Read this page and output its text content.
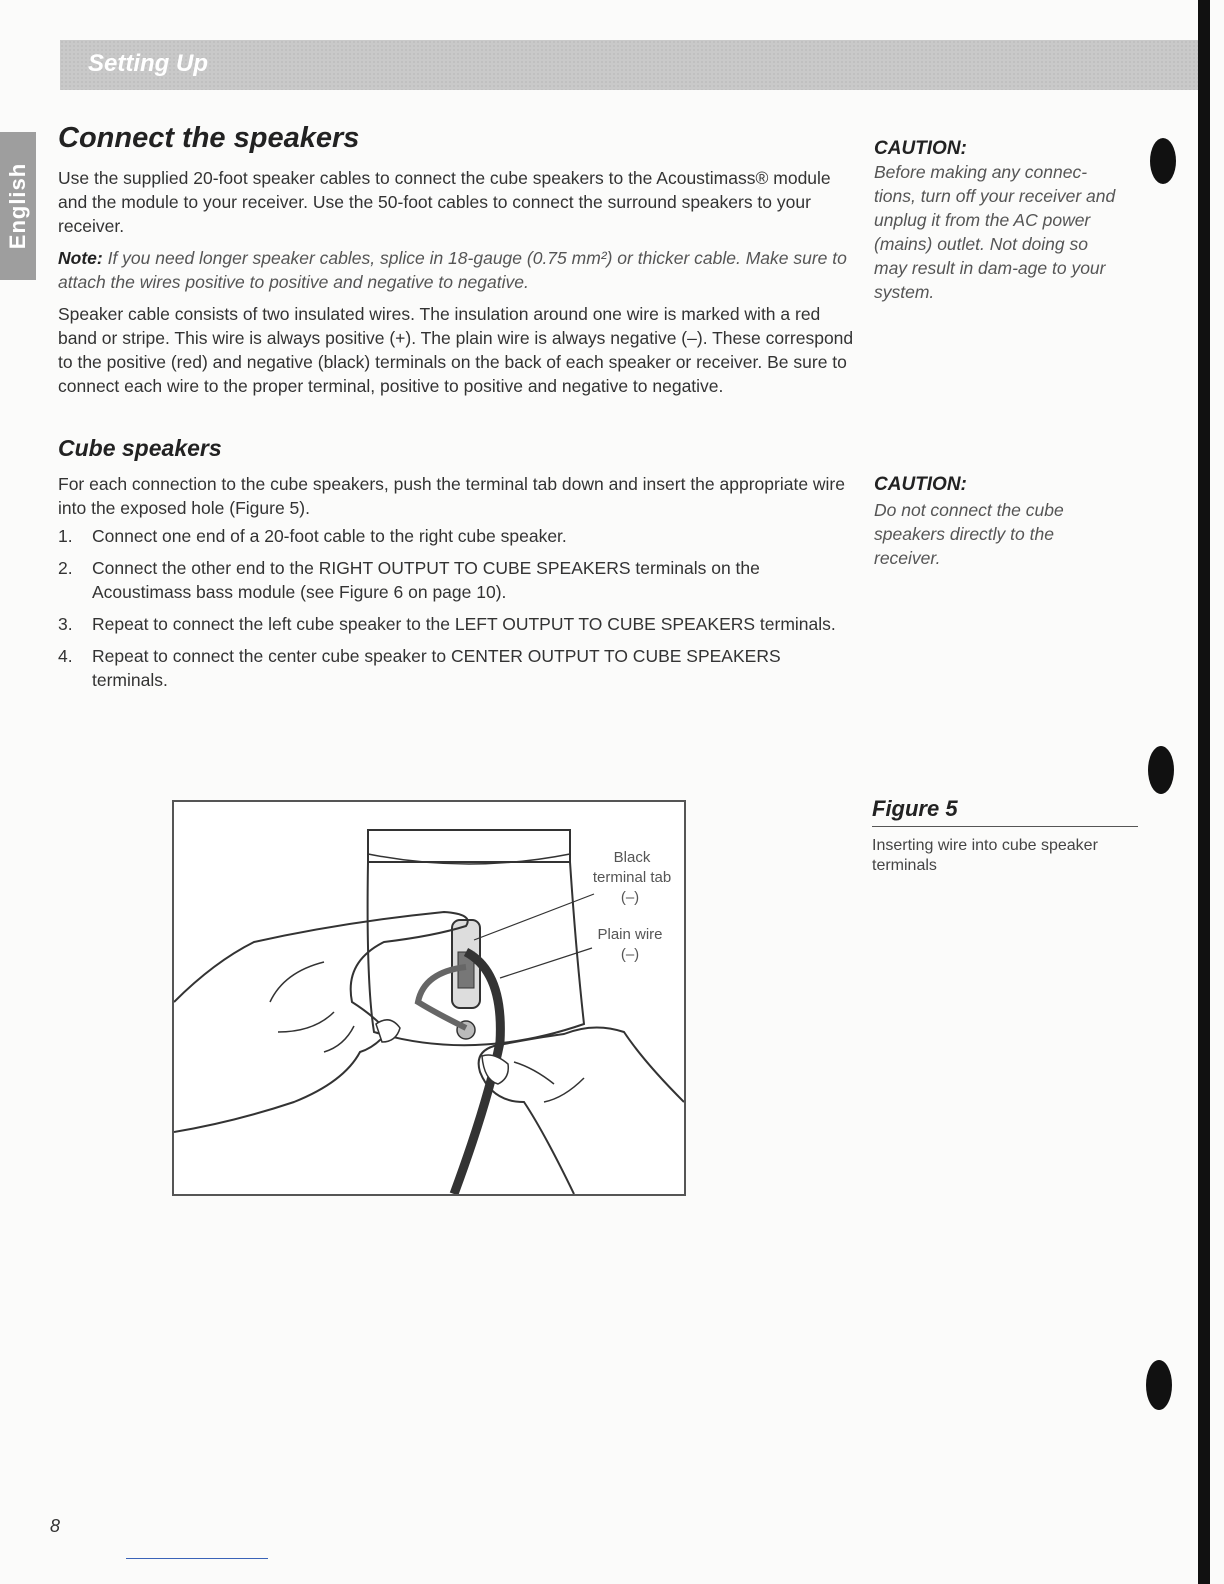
Setting Up
English
Connect the speakers
Use the supplied 20-foot speaker cables to connect the cube speakers to the Acoustimass® module and the module to your receiver. Use the 50-foot cables to connect the surround speakers to your receiver.
Note: If you need longer speaker cables, splice in 18-gauge (0.75 mm²) or thicker cable. Make sure to attach the wires positive to positive and negative to negative.
Speaker cable consists of two insulated wires. The insulation around one wire is marked with a red band or stripe. This wire is always positive (+). The plain wire is always negative (–). These correspond to the positive (red) and negative (black) terminals on the back of each speaker or receiver. Be sure to connect each wire to the proper terminal, positive to positive and negative to negative.
Cube speakers
For each connection to the cube speakers, push the terminal tab down and insert the appropriate wire into the exposed hole (Figure 5).
1.	Connect one end of a 20-foot cable to the right cube speaker.
2.	Connect the other end to the RIGHT OUTPUT TO CUBE SPEAKERS terminals on the Acoustimass bass module (see Figure 6 on page 10).
3.	Repeat to connect the left cube speaker to the LEFT OUTPUT TO CUBE SPEAKERS terminals.
4.	Repeat to connect the center cube speaker to CENTER OUTPUT TO CUBE SPEAKERS terminals.
CAUTION:
Before making any connec-tions, turn off your receiver and unplug it from the AC power (mains) outlet. Not doing so may result in dam-age to your system.
CAUTION:
Do not connect the cube speakers directly to the receiver.
Figure 5
Inserting wire into cube speaker terminals
Black
terminal tab
(–)
Plain wire
(–)
8
